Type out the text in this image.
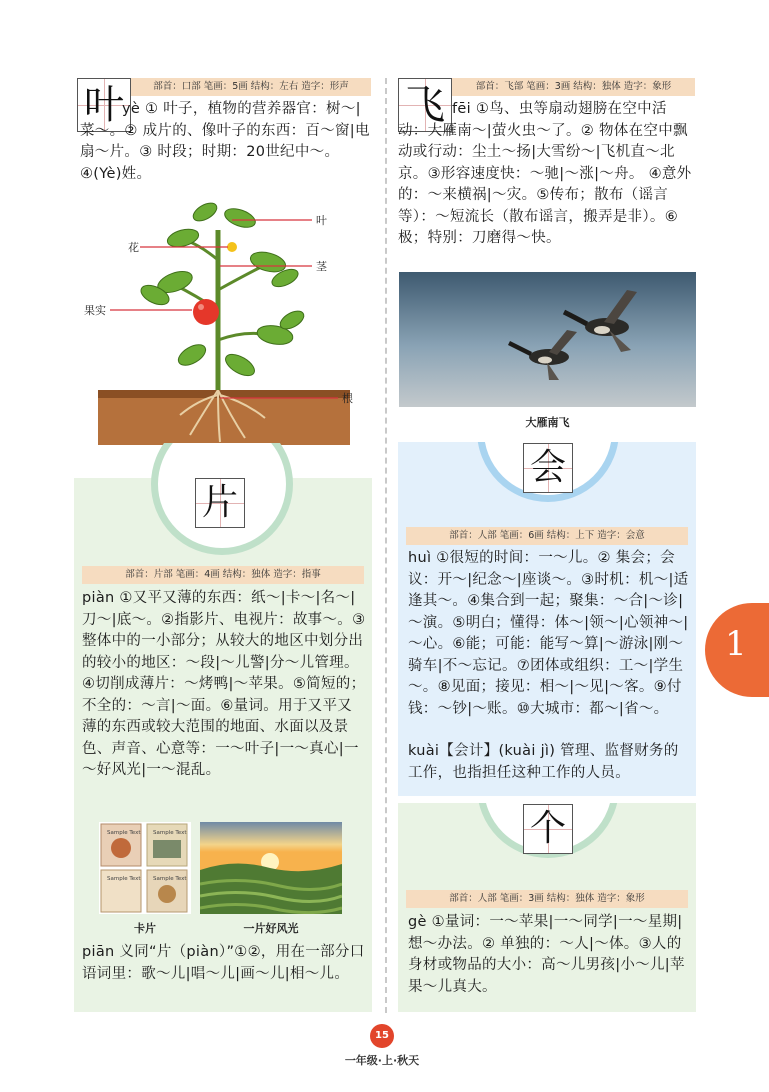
叶	部首：口部 笔画：5画 结构：左右 造字：形声
yè ① 叶子，植物的营养器官：树～|菜～。② 成片的、像叶子的东西：百～窗|电扇～片。③ 时段；时期：20世纪中～。④(Yè)姓。
叶
花
茎
果实
根
飞	部首：飞部 笔画：3画 结构：独体 造字：象形
fēi ①鸟、虫等扇动翅膀在空中活动：大雁南～|萤火虫～了。② 物体在空中飘动或行动：尘土～扬|大雪纷～|飞机直～北京。③形容速度快：～驰|～涨|～舟。 ④意外的：～来横祸|～灾。⑤传布；散布（谣言等）：～短流长（散布谣言，搬弄是非）。⑥极；特别：刀磨得～快。
大雁南飞
片
部首：片部 笔画：4画 结构：独体 造字：指事
piàn ①又平又薄的东西：纸～|卡～|名～|刀～|底～。②指影片、电视片：故事～。③整体中的一小部分；从较大的地区中划分出的较小的地区：～段|～儿警|分～儿管理。④切削成薄片：～烤鸭|～苹果。⑤简短的；不全的：～言|～面。⑥量词。用于又平又薄的东西或较大范围的地面、水面以及景色、声音、心意等：一～叶子|一～真心|一～好风光|一～混乱。
Sample Text Sample Text
Sample Text Sample Text
卡片	一片好风光
piān 义同“片（piàn）”①②，用在一部分口语词里：歌～儿|唱～儿|画～儿|相～儿。
会
部首：人部 笔画：6画 结构：上下 造字：会意
huì ①很短的时间：一～儿。② 集会；会议：开～|纪念～|座谈～。③时机：机～|适逢其～。④集合到一起；聚集：～合|～诊|～演。⑤明白；懂得：体～|领～|心领神～|～心。⑥能；可能：能写～算|～游泳|刚～骑车|不～忘记。⑦团体或组织：工～|学生～。⑧见面；接见：相～|～见|～客。⑨付钱：～钞|～账。⑩大城市：都～|省～。
kuài【会计】(kuài jì) 管理、监督财务的工作，也指担任这种工作的人员。
个
部首：人部 笔画：3画 结构：独体 造字：象形
gè ①量词：一～苹果|一～同学|一～星期|想～办法。② 单独的：～人|～体。③人的身材或物品的大小：高～儿男孩|小～儿|苹果～儿真大。
1
15
一年级·上·秋天
